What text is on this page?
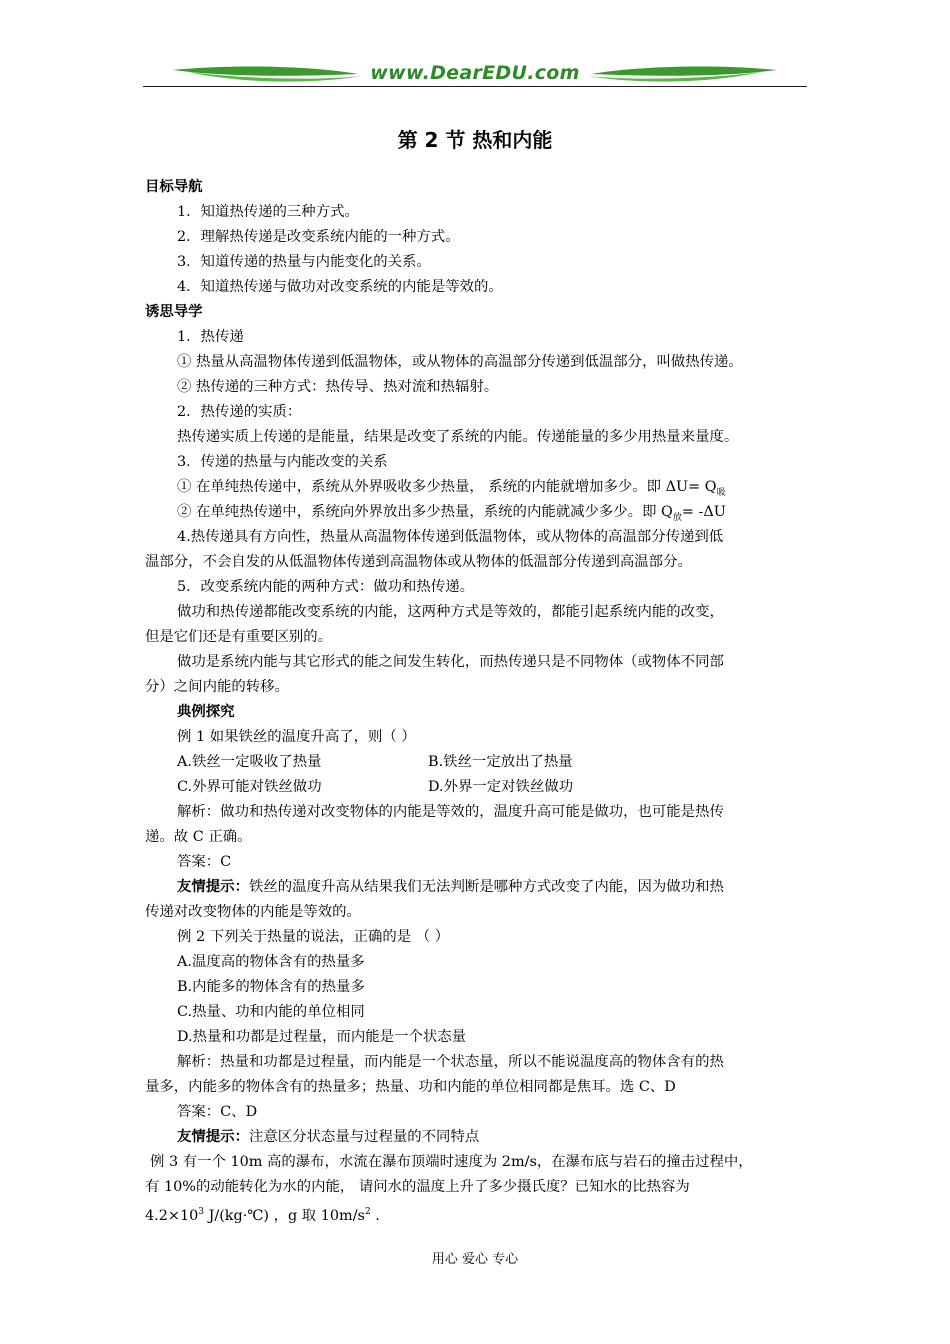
www.DearEDU.com
第 2 节 热和内能
目标导航
1．知道热传递的三种方式。
2．理解热传递是改变系统内能的一种方式。
3．知道传递的热量与内能变化的关系。
4．知道热传递与做功对改变系统的内能是等效的。
诱思导学
1．热传递
① 热量从高温物体传递到低温物体，或从物体的高温部分传递到低温部分，叫做热传递。
② 热传递的三种方式：热传导、热对流和热辐射。
2．热传递的实质：
热传递实质上传递的是能量，结果是改变了系统的内能。传递能量的多少用热量来量度。
3．传递的热量与内能改变的关系
① 在单纯热传递中，系统从外界吸收多少热量， 系统的内能就增加多少。即 $\Delta U= Q_吸$
② 在单纯热传递中，系统向外界放出多少热量，系统的内能就减少多少。即 $Q_放= -\Delta U$
4.热传递具有方向性，热量从高温物体传递到低温物体，或从物体的高温部分传递到低
温部分，不会自发的从低温物体传递到高温物体或从物体的低温部分传递到高温部分。
5．改变系统内能的两种方式：做功和热传递。
做功和热传递都能改变系统的内能，这两种方式是等效的，都能引起系统内能的改变，
但是它们还是有重要区别的。
做功是系统内能与其它形式的能之间发生转化，而热传递只是不同物体（或物体不同部
分）之间内能的转移。
典例探究
例 1 如果铁丝的温度升高了，则（ ）
A.铁丝一定吸收了热量	B.铁丝一定放出了热量
C.外界可能对铁丝做功	D.外界一定对铁丝做功
解析：做功和热传递对改变物体的内能是等效的，温度升高可能是做功，也可能是热传
递。故 C 正确。
答案：C
友情提示：铁丝的温度升高从结果我们无法判断是哪种方式改变了内能，因为做功和热
传递对改变物体的内能是等效的。
例 2 下列关于热量的说法，正确的是 （ ）
A.温度高的物体含有的热量多
B.内能多的物体含有的热量多
C.热量、功和内能的单位相同
D.热量和功都是过程量，而内能是一个状态量
解析：热量和功都是过程量，而内能是一个状态量，所以不能说温度高的物体含有的热
量多，内能多的物体含有的热量多；热量、功和内能的单位相同都是焦耳。选 C、D
答案：C、D
友情提示：注意区分状态量与过程量的不同特点
例 3 有一个 10m 高的瀑布，水流在瀑布顶端时速度为 2m/s，在瀑布底与岩石的撞击过程中，
有 10%的动能转化为水的内能， 请问水的温度上升了多少摄氏度？已知水的比热容为
$4.2\times 10^3$ J/(kg·℃) ，g 取 $10m/s^2$ .
用心 爱心 专心
